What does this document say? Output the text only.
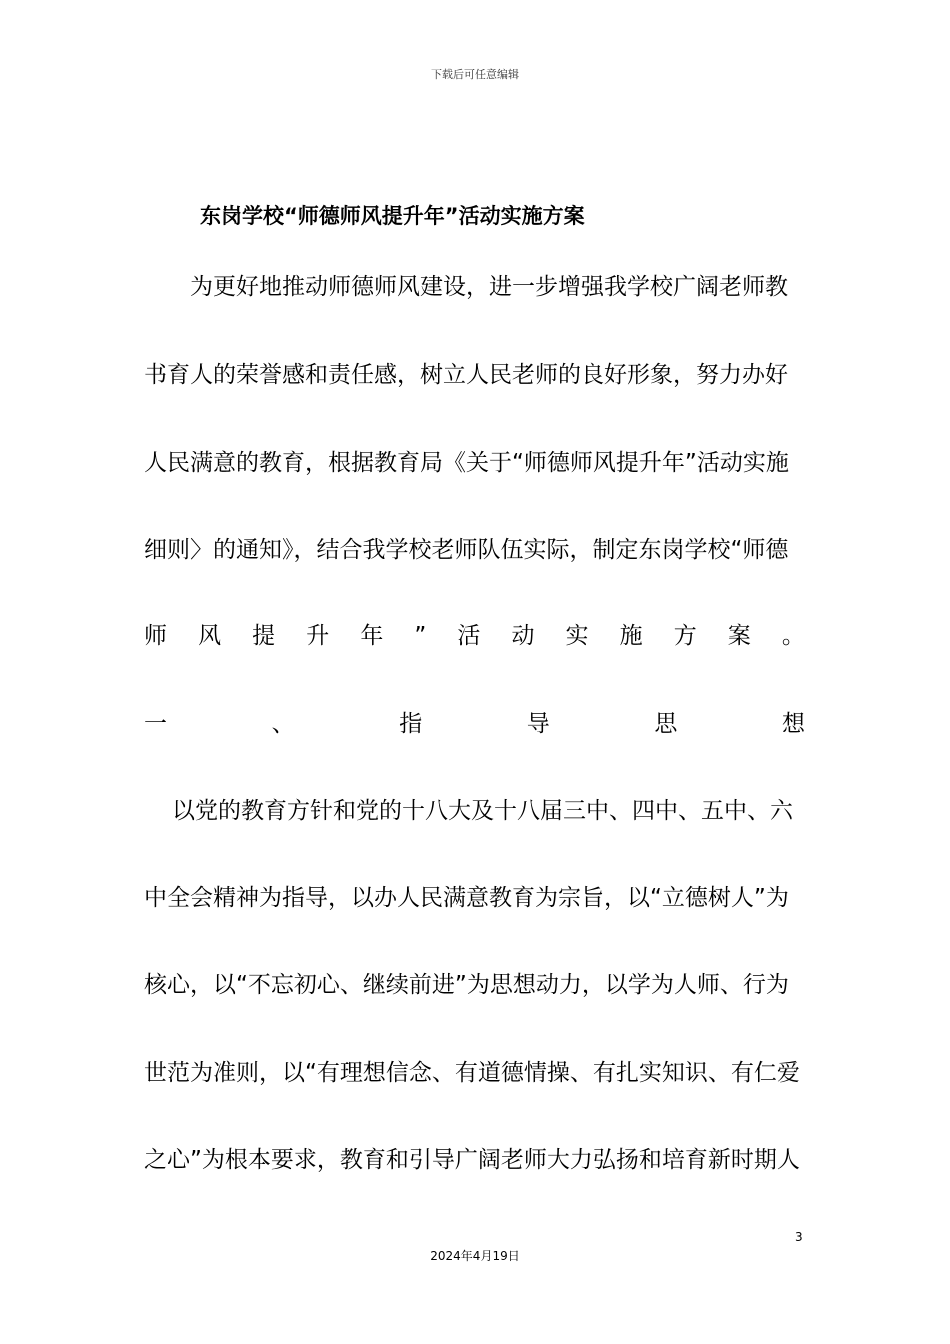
下载后可任意编辑
东岗学校“师德师风提升年”活动实施方案
为更好地推动师德师风建设，进一步增强我学校广阔老师教
书育人的荣誉感和责任感，树立人民老师的良好形象，努力办好
人民满意的教育，根据教育局《关于“师德师风提升年”活动实施
细则〉的通知》，结合我学校老师队伍实际，制定东岗学校“师德
师 风 提 升 年 ” 活 动 实 施 方 案 。
一	、	指	导	思	想
以党的教育方针和党的十八大及十八届三中、四中、五中、六
中全会精神为指导，以办人民满意教育为宗旨，以“立德树人”为
核心，以“不忘初心、继续前进”为思想动力，以学为人师、行为
世范为准则，以“有理想信念、有道德情操、有扎实知识、有仁爱
之心”为根本要求，教育和引导广阔老师大力弘扬和培育新时期人
3
2024年4月19日
